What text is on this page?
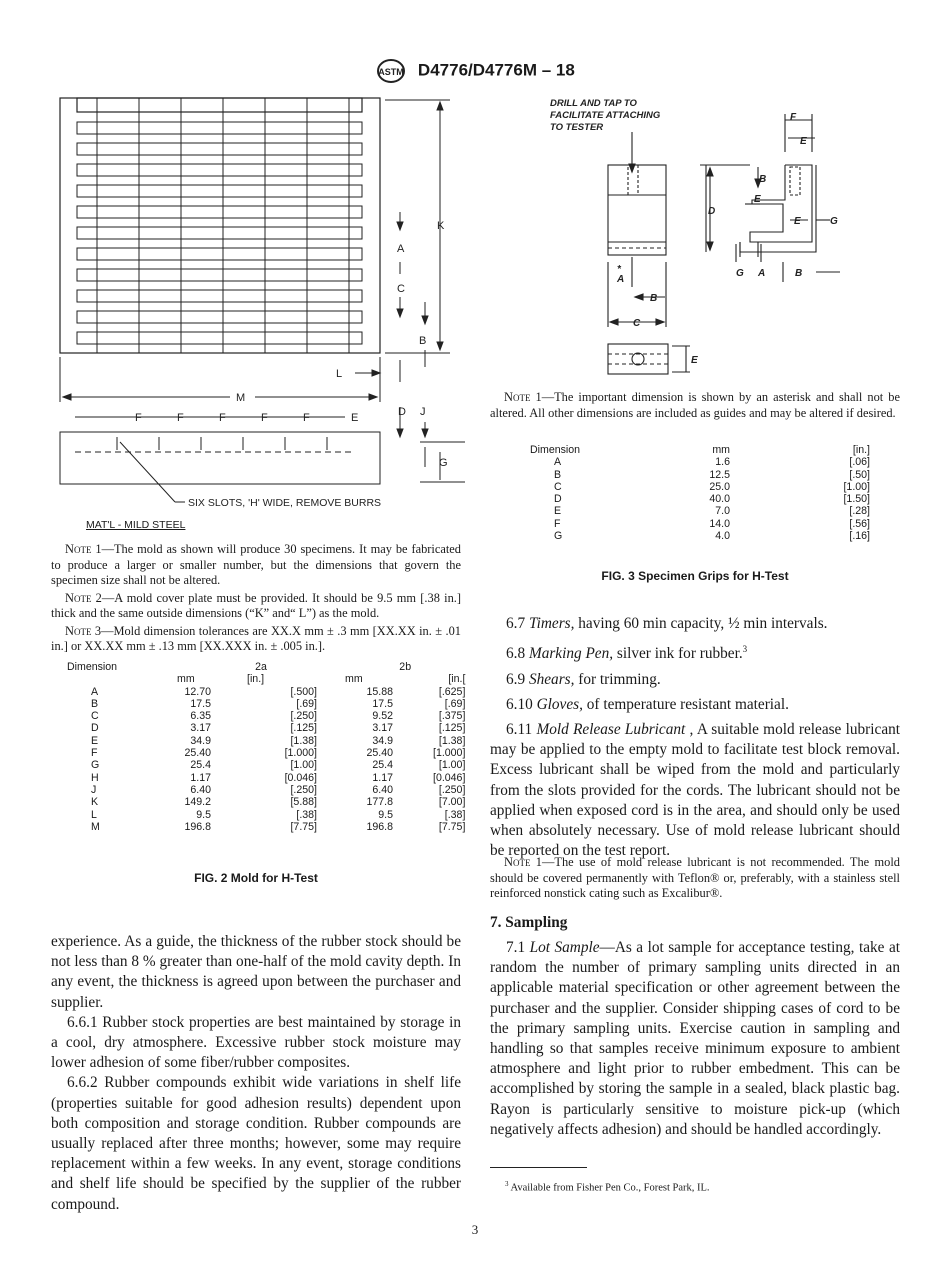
ASTM D4776/D4776M – 18
K
A
C
B
L
M
D J
G
F	F	F	F	F	E
SIX SLOTS, 'H' WIDE, REMOVE BURRS
MAT'L - MILD STEEL
Note 1—The mold as shown will produce 30 specimens. It may be fabricated to produce a larger or smaller number, but the dimensions that govern the specimen size shall not be altered.
Note 2—A mold cover plate must be provided. It should be 9.5 mm [.38 in.] thick and the same outside dimensions (“K” and“ L”) as the mold.
Note 3—Mold dimension tolerances are XX.X mm ± .3 mm [XX.XX in. ± .01 in.] or XX.XX mm ± .13 mm [XX.XXX in. ± .005 in.].
Dimension	2a		2b	
	mm	[in.]	mm	[in.[
A	12.70	[.500]	15.88	[.625]
B	17.5	[.69]	17.5	[.69]
C	6.35	[.250]	9.52	[.375]
D	3.17	[.125]	3.17	[.125]
E	34.9	[1.38]	34.9	[1.38]
F	25.40	[1.000]	25.40	[1.000]
G	25.4	[1.00]	25.4	[1.00]
H	1.17	[0.046]	1.17	[0.046]
J	6.40	[.250]	6.40	[.250]
K	149.2	[5.88]	177.8	[7.00]
L	9.5	[.38]	9.5	[.38]
M	196.8	[7.75]	196.8	[7.75]
FIG. 2 Mold for H-Test
DRILL AND TAP TO
FACILITATE ATTACHING
TO TESTER
F
E
B
D
E
E	G
G A	B
*
A
B
C
E
Note 1—The important dimension is shown by an asterisk and shall not be altered. All other dimensions are included as guides and may be altered if desired.
Dimension	mm	[in.]
A	1.6	[.06]
B	12.5	[.50]
C	25.0	[1.00]
D	40.0	[1.50]
E	7.0	[.28]
F	14.0	[.56]
G	4.0	[.16]
FIG. 3 Specimen Grips for H-Test

6.7 Timers, having 60 min capacity, ½ min intervals.

6.8 Marking Pen, silver ink for rubber.$^3$

6.9 Shears, for trimming.

6.10 Gloves, of temperature resistant material.

6.11 Mold Release Lubricant , A suitable mold release lubricant may be applied to the empty mold to facilitate test block removal. Excess lubricant shall be wiped from the mold and particularly from the slots provided for the cords. The lubricant should not be applied when exposed cord is in the area, and should only be used when absolutely necessary. Use of mold release lubricant should be reported on the test report.

Note 1—The use of mold release lubricant is not recommended. The mold should be covered permanently with Teflon® or, preferably, with a stainless stell reinforced nonstick cating such as Excalibur®.
7. Sampling

7.1 Lot Sample—As a lot sample for acceptance testing, take at random the number of primary sampling units directed in an applicable material specification or other agreement between the purchaser and the supplier. Consider shipping cases of cord to be the primary sampling units. Exercise caution in sampling and handling so that samples receive minimum exposure to ambient atmosphere and light prior to rubber embedment. This can be accomplished by storing the sample in a sealed, black plastic bag. Rayon is particularly sensitive to moisture pick-up (which negatively affects adhesion) and should be handled accordingly.

$^3$ Available from Fisher Pen Co., Forest Park, IL.

experience. As a guide, the thickness of the rubber stock should be not less than 8 % greater than one-half of the mold cavity depth. In any event, the thickness is agreed upon between the purchaser and supplier.

6.6.1 Rubber stock properties are best maintained by storage in a cool, dry atmosphere. Excessive rubber stock moisture may lower adhesion of some fiber/rubber composites.

6.6.2 Rubber compounds exhibit wide variations in shelf life (properties suitable for good adhesion results) dependent upon both composition and storage condition. Rubber compounds are usually replaced after three months; however, some may require replacement within a few weeks. In any event, storage conditions and shelf life should be specified by the supplier of the rubber compound.

3
